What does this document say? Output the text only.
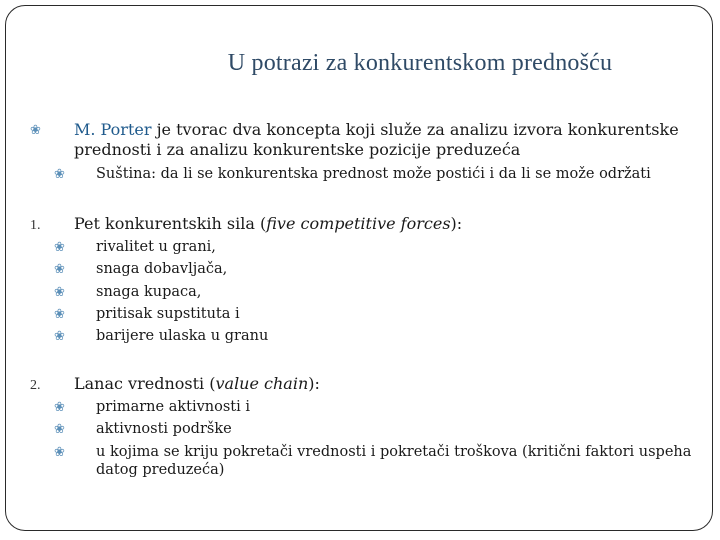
U potrazi za konkurentskom prednošću
❀	M. Porter je tvorac dva koncepta koji služe za analizu izvora konkurentske
prednosti i za analizu konkurentske pozicije preduzeća
❀	Suština: da li se konkurentska prednost može postići i da li se može održati
1. Pet konkurentskih sila (five competitive forces):
❀	rivalitet u grani,
❀	snaga dobavljača,
❀	snaga kupaca,
❀	pritisak supstituta i
❀	barijere ulaska u granu
2. Lanac vrednosti (value chain):
❀	primarne aktivnosti i
❀	aktivnosti podrške
❀	u kojima se kriju pokretači vrednosti i pokretači troškova (kritični faktori uspeha
datog preduzeća)
